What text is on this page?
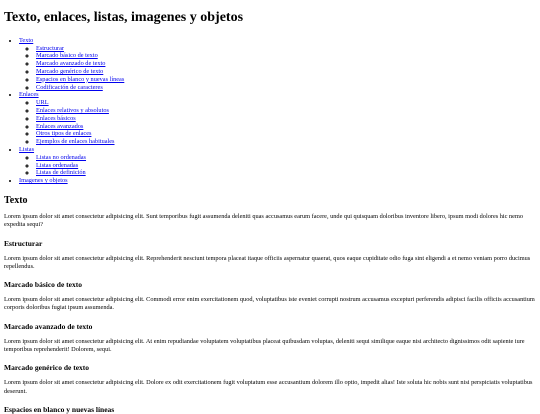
Texto, enlaces, listas, imagenes y objetos
• Texto
◦ Estructurar
◦ Marcado básico de texto
◦ Marcado avanzado de texto
◦ Marcado genérico de texto
◦ Espacios en blanco y nuevas líneas
◦ Codificación de caracteres
• Enlaces
◦ URL
◦ Enlaces relativos y absolutos
◦ Enlaces básicos
◦ Enlaces avanzados
◦ Otros tipos de enlaces
◦ Ejemplos de enlaces habituales
• Listas
◦ Listas no ordenadas
◦ Listas ordenadas
◦ Listas de definición
• Imagenes y objetos
Texto

Lorem ipsum dolor sit amet consectetur adipisicing elit. Sunt temporibus fugit assumenda deleniti quas accusamus earum facere, unde qui quisquam doloribus inventore libero, ipsum modi dolores hic nemo expedita sequi?

Estructurar

Lorem ipsum dolor sit amet consectetur adipisicing elit. Reprehenderit nesciunt tempora placeat itaque officiis aspernatur quaerat, quos eaque cupiditate odio fuga sint eligendi a et nemo veniam porro ducimus repellendus.

Marcado básico de texto

Lorem ipsum dolor sit amet consectetur adipisicing elit. Commodi error enim exercitationem quod, voluptatibus iste eveniet corrupti nostrum accusamus excepturi perferendis adipisci facilis officiis accusantium corporis doloribus fugiat ipsum assumenda.

Marcado avanzado de texto

Lorem ipsum dolor sit amet consectetur adipisicing elit. At enim repudiandae voluptatem voluptatibus placeat quibusdam voluptas, deleniti sequi similique eaque nisi architecto dignissimos odit sapiente iure temporibus reprehenderit! Dolorem, sequi.

Marcado genérico de texto

Lorem ipsum dolor sit amet consectetur adipisicing elit. Dolore ex odit exercitationem fugit voluptatum esse accusantium dolorem illo optio, impedit alias! Iste soluta hic nobis sunt nisi perspiciatis voluptatibus deserunt.

Espacios en blanco y nuevas líneas
